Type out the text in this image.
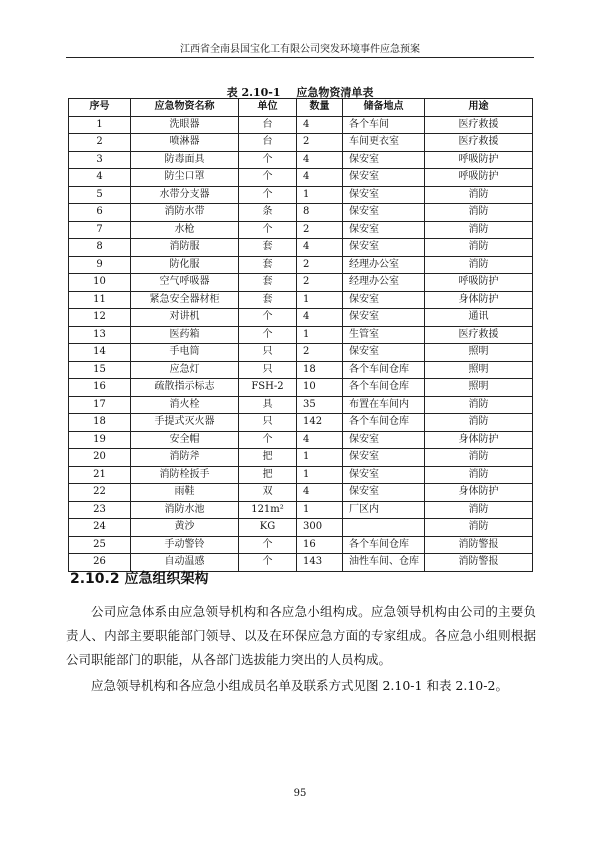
江西省全南县国宝化工有限公司突发环境事件应急预案
表 2.10-1 应急物资清单表
序号	应急物资名称	单位	数量	储备地点	用途
1	洗眼器	台	4	各个车间	医疗救援
2	喷淋器	台	2	车间更衣室	医疗救援
3	防毒面具	个	4	保安室	呼吸防护
4	防尘口罩	个	4	保安室	呼吸防护
5	水带分支器	个	1	保安室	消防
6	消防水带	条	8	保安室	消防
7	水枪	个	2	保安室	消防
8	消防服	套	4	保安室	消防
9	防化服	套	2	经理办公室	消防
10	空气呼吸器	套	2	经理办公室	呼吸防护
11	紧急安全器材柜	套	1	保安室	身体防护
12	对讲机	个	4	保安室	通讯
13	医药箱	个	1	生管室	医疗救援
14	手电筒	只	2	保安室	照明
15	应急灯	只	18	各个车间仓库	照明
16	疏散指示标志	FSH-2	10	各个车间仓库	照明
17	消火栓	具	35	布置在车间内	消防
18	手提式灭火器	只	142	各个车间仓库	消防
19	安全帽	个	4	保安室	身体防护
20	消防斧	把	1	保安室	消防
21	消防栓扳手	把	1	保安室	消防
22	雨鞋	双	4	保安室	身体防护
23	消防水池	121m²	1	厂区内	消防
24	黄沙	KG	300		消防
25	手动警铃	个	16	各个车间仓库	消防警报
26	自动温感	个	143	油性车间、仓库	消防警报
2.10.2 应急组织架构
公司应急体系由应急领导机构和各应急小组构成。应急领导机构由公司的主要负责人、内部主要职能部门领导、以及在环保应急方面的专家组成。各应急小组则根据公司职能部门的职能，从各部门选拔能力突出的人员构成。
应急领导机构和各应急小组成员名单及联系方式见图 2.10-1 和表 2.10-2。
95
